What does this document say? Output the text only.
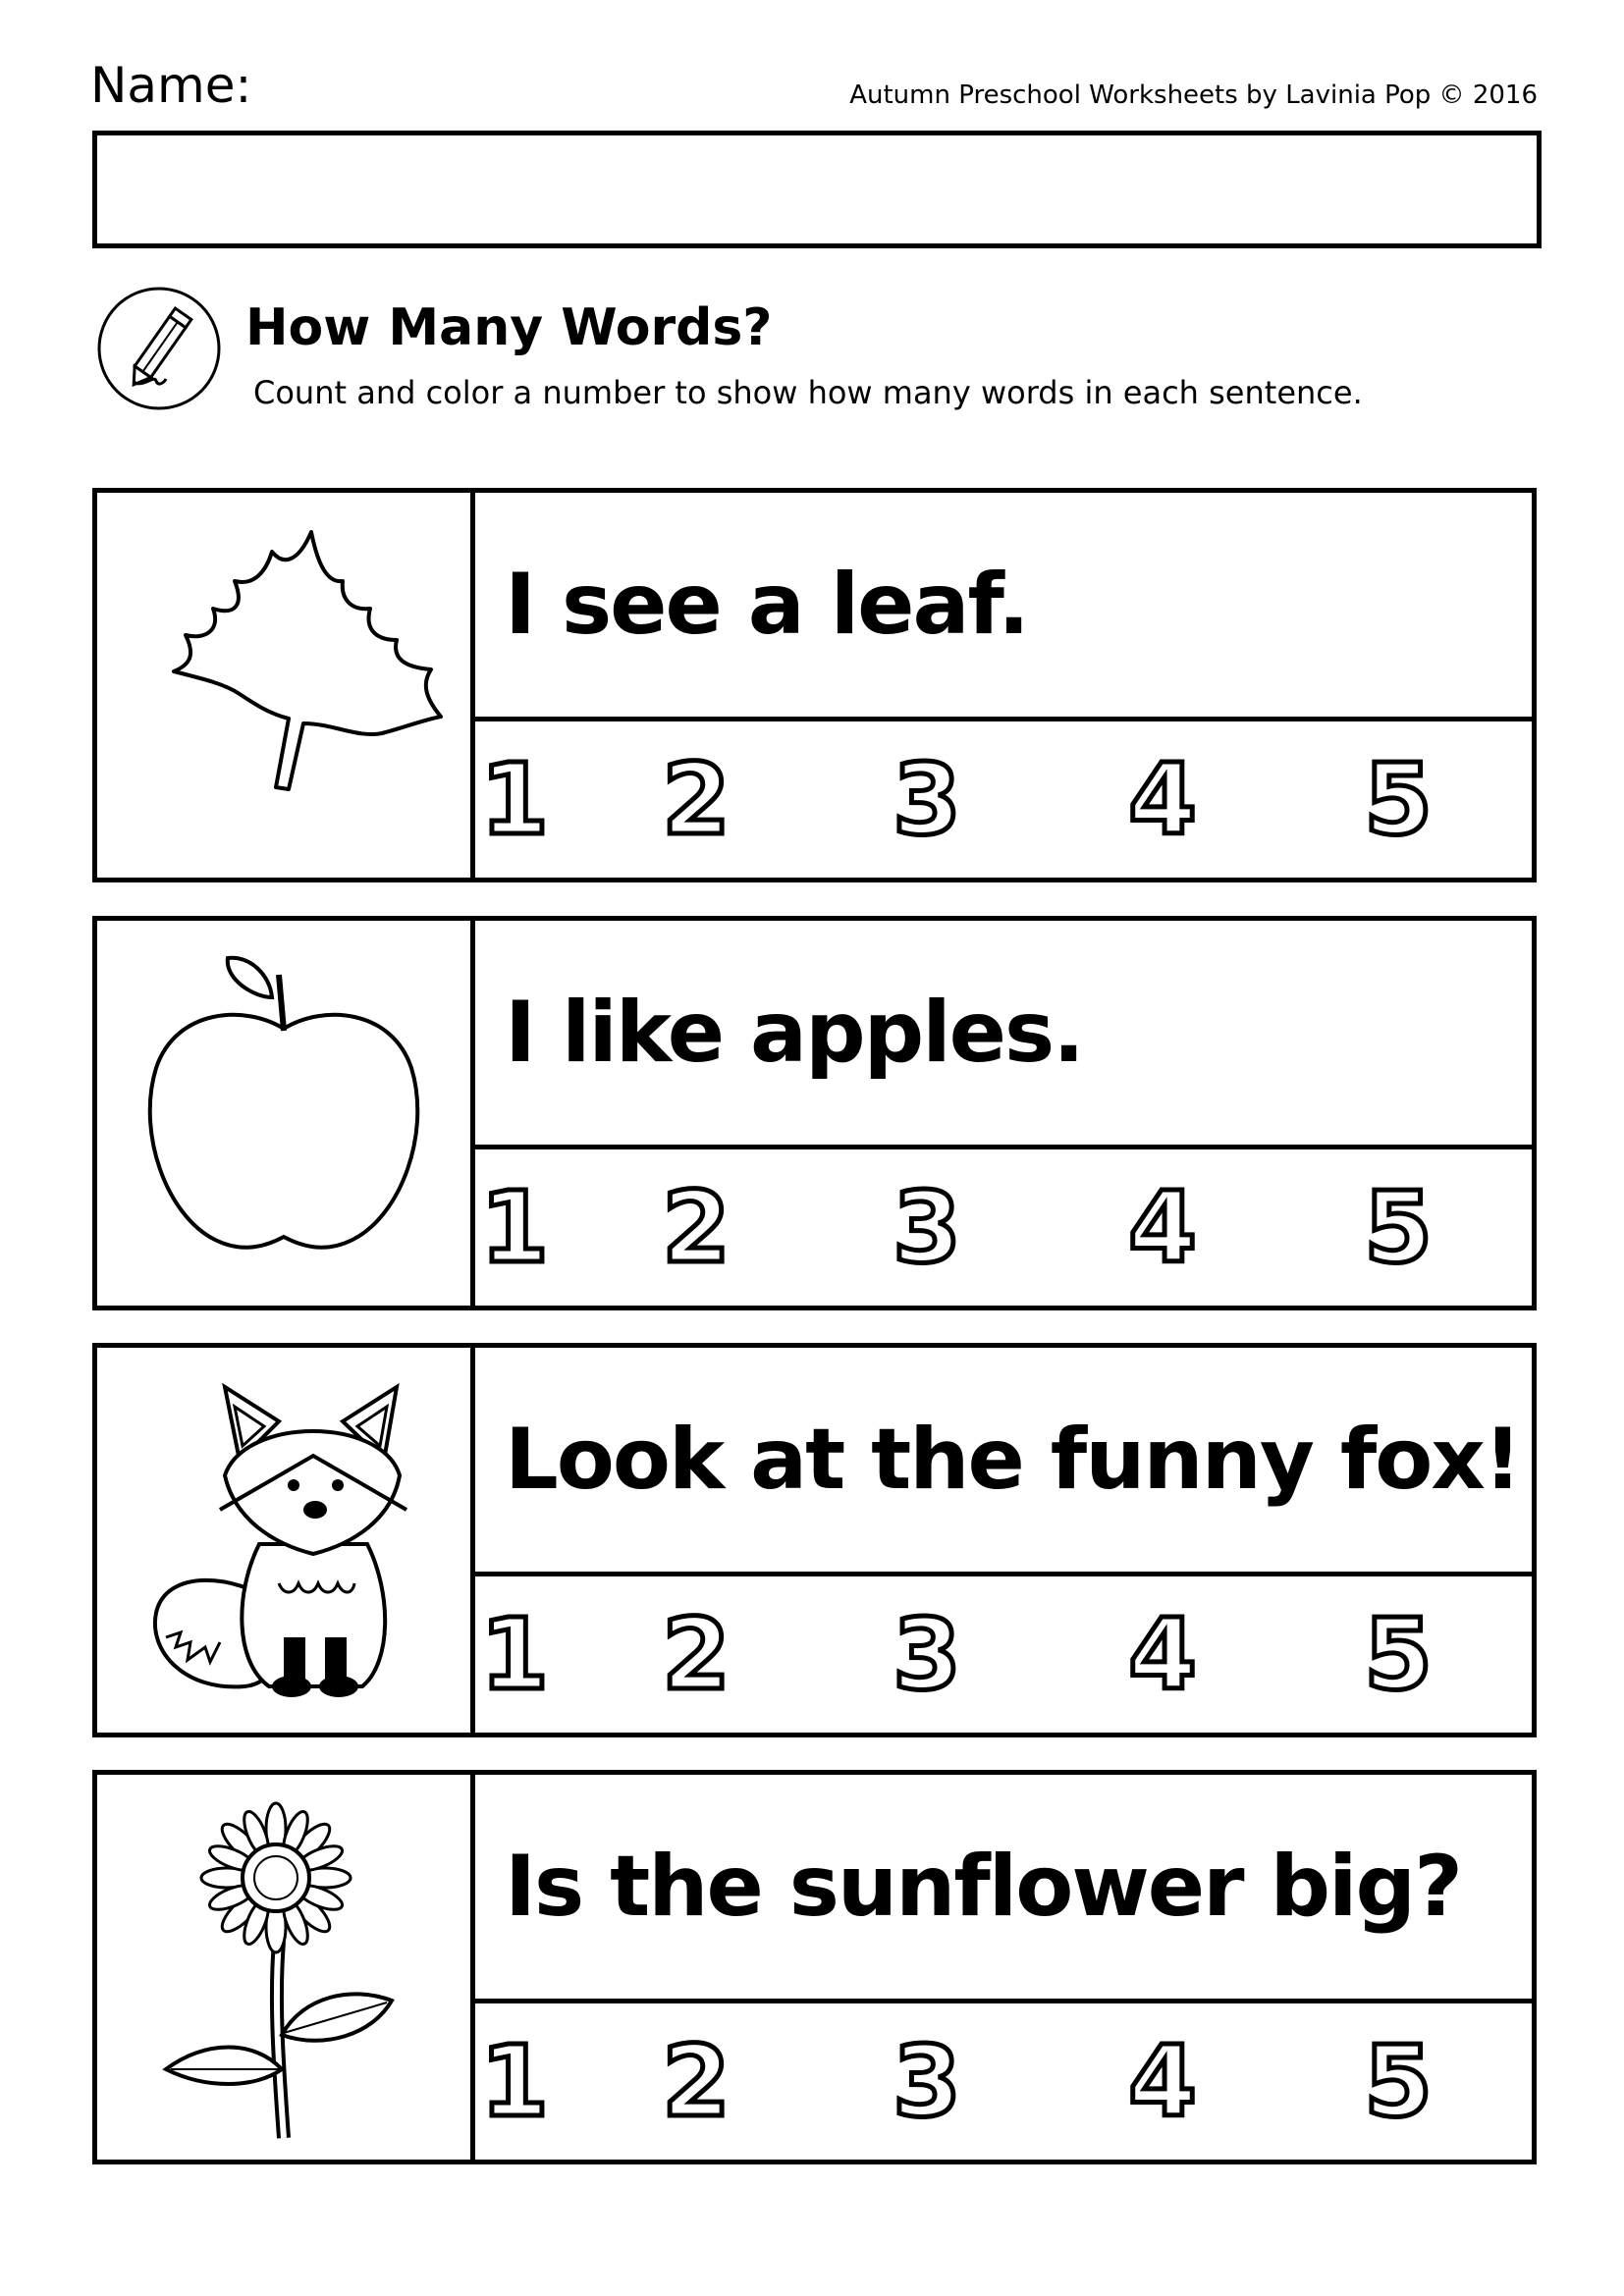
Name:	Autumn Preschool Worksheets by Lavinia Pop © 2016
How Many Words?
Count and color a number to show how many words in each sentence.
I see a leaf.
1 2 3 4 5
I like apples.
1 2 3 4 5
Look at the funny fox!
1 2 3 4 5
Is the sunflower big?
1 2 3 4 5
